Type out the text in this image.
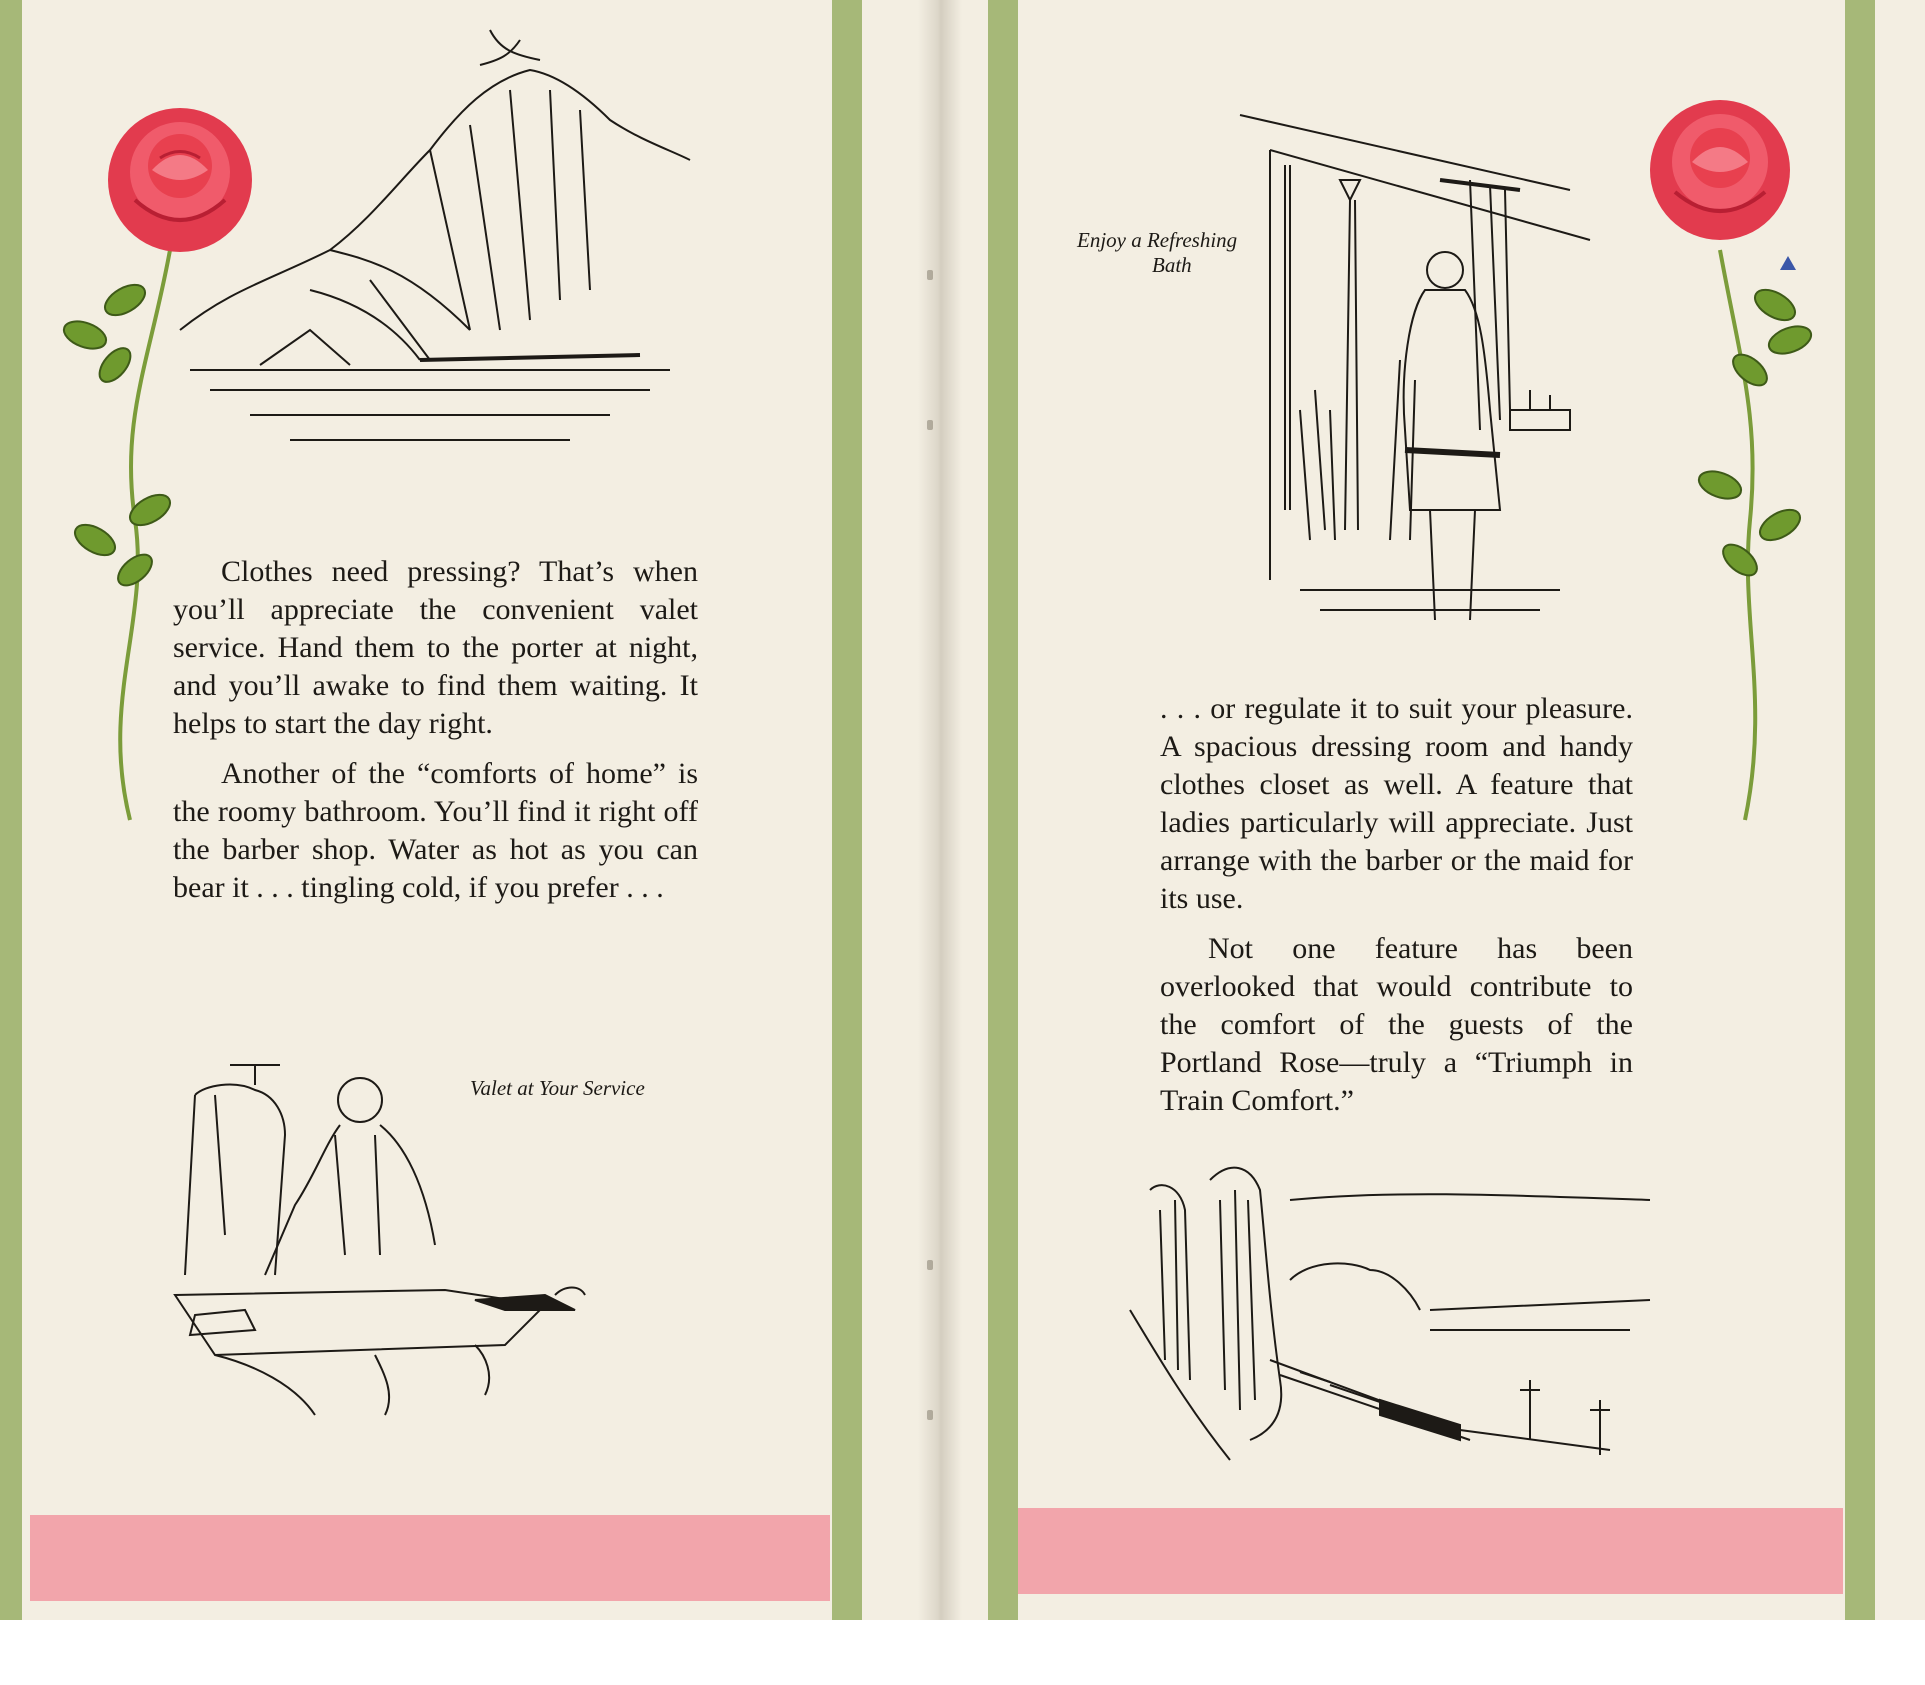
Clothes need pressing? That’s when you’ll appreciate the convenient valet service. Hand them to the porter at night, and you’ll awake to find them waiting. It helps to start the day right.

Another of the “comforts of home” is the roomy bathroom. You’ll find it right off the barber shop. Water as hot as you can bear it . . . tingling cold, if you prefer . . .

Valet at Your Service
Enjoy a Refreshing
Bath

. . . or regulate it to suit your pleasure. A spacious dressing room and handy clothes closet as well. A feature that ladies particularly will appreciate. Just arrange with the barber or the maid for its use.

Not one feature has been overlooked that would contribute to the comfort of the guests of the Portland Rose—truly a “Triumph in Train Comfort.”
